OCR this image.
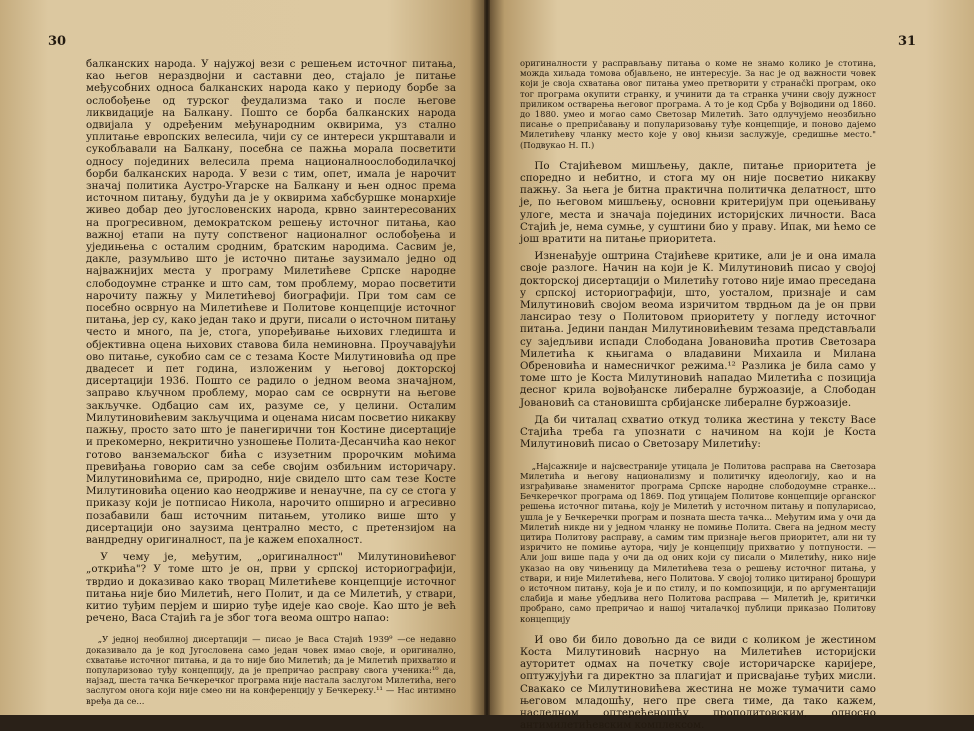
30

балканских народа. У најужој вези с решењем источног питања, као његов нераздвојни и саставни део, стајало је питање међусобних односа балканских народа како у периоду борбе за ослобођење од турског феудализма тако и после његове ликвидације на Балкану. Пошто се борба балканских народа одвијала у одређеним међународним оквирима, уз стално уплитање европских велесила, чији су се интереси укрштавали и сукобљавали на Балкану, посебна се пажња морала посветити односу појединих велесила према националноослободилачкој борби балканских народа. У вези с тим, опет, имала је нарочит значај политика Аустро-Угарске на Балкану и њен однос према источном питању, будући да је у оквирима хабсбуршке монархије живео добар део југословенских народа, крвно заинтересованих на прогресивном, демократском решењу источног питања, као важној етапи на путу сопственог националног ослобођења и уједињења с осталим сродним, братским народима. Сасвим је, дакле, разумљиво што је источно питање заузимало једно од најважнијих места у програму Милетићеве Српске народне слободоумне странке и што сам, том проблему, морао посветити нарочиту пажњу у Милетићевој биографији. При том сам се посебно осврнуо на Милетићеве и Политове концепције источног питања, јер су, како један тако и други, писали о источном питању често и много, па је, стога, упоређивање њихових гледишта и објективна оцена њихових ставова била неминовна. Проучавајући ово питање, сукобио сам се с тезама Косте Милутиновића од пре двадесет и пет година, изложеним у његовој докторској дисертацији 1936. Пошто се радило о једном веома значајном, заправо кључном проблему, морао сам се осврнути на његове закључке. Одбацио сам их, разуме се, у целини. Осталим Милутиновићевим закључцима и оценама нисам посветио никакву пажњу, просто зато што је панегирични тон Костине дисертације и прекомерно, некритично узношење Полита-Десанчића као неког готово ванземаљског бића с изузетним пророчким моћима превиђања говорио сам за себе својим озбиљним историчару. Милутиновићима се, природно, није свидело што сам тезе Косте Милутиновића оценио као неодрживе и ненаучне, па су се стога у приказу који је потписао Никола, нарочито опширно и агресивно позабавили баш источним питањем, утолико више што у дисертацији оно заузима централно место, с претензијом на вандредну оригиналност, па је кажем епохалност.

У чему је, међутим, „оригиналност" Милутиновићевог „открића"? У томе што је он, први у српској историографији, тврдио и доказивао како творац Милетићеве концепције источног питања није био Милетић, него Полит, и да се Милетић, у ствари, китио туђим перјем и ширио туђе идеје као своје. Као што је већ речено, Васа Стајић га је због тога веома оштро напао:

„У једној необилној дисертацији — писао је Васа Стајић 1939⁹ —се недавно доказивало да је код Југословена само један човек имао своје, и оригинално, схватање источног питања, и да то није био Милетић; да је Милетић прихватио и популаризовао туђу концепцију, да је препричао расправу свога ученика:¹⁰ да, најзад, шеста тачка Бечкеречког програма није настала заслугом Милетића, него заслугом онога који није смео ни на конференцију у Бечкереку.¹¹ — Нас интимно вређа да се...
31
оригиналности у расправљању питања о коме не знамо колико је стотина, можда хиљада томова објављено, не интересује. За нас је од важности човек који је своја схватања овог питања умео претворити у странački програм, око тог програма окупити странку, и учинити да та странка учини своју дужност приликом остварења његовог програма. А то је код Срба у Војводини од 1860. до 1880. умео и могао само Светозар Милетић. Зато одлучујемо неозбиљно писање о преприčавању и популаризовању туђе концепције, и поново дајемо Милетићеву чланку место које у овој књизи заслужује, средишње место." (Подвукао Н. П.)

По Стајићевом мишљењу, дакле, питање приоритета је споредно и небитно, и стога му он није посветио никакву пажњу. За њега је битна практична политичка делатност, што је, по његовом мишљењу, основни критеријум при оцењивању улоге, места и значаја појединих историјских личности. Васа Стајић је, нема сумње, у суштини био у праву. Ипак, ми ћемо се још вратити на питање приоритета.

Изненађује оштрина Стајићеве критике, али је и она имала своје разлоге. Начин на који је К. Милутиновић писао у својој докторској дисертацији о Милетићу готово није имао преседана у српској историографији, што, уосталом, признаје и сам Милутиновић својом веома изричитом тврдњом да је он први лансирао тезу о Политовом приоритету у погледу источног питања. Једини пандан Милутиновићевим тезама представљали су заједљиви испади Слободана Јовановића против Светозара Милетића к књигама о владавини Михаила и Милана Обреновића и намесничког режима.¹² Разлика је била само у томе што је Коста Милутиновић нападао Милетића с позиција десног крила војвођанске либералне буржоазије, а Слободан Јовановић са становишта србијанске либералне буржоазије.

Да би читалац схватио откуд толика жестина у тексту Васе Стајића треба га упознати с начином на који је Коста Милутиновић писао о Светозару Милетићу:

„Најсажније и најсвестраније утицала је Политова расправа на Светозара Милетића и његову национализму и политичку идеологију, као и на изграђивање знаменитог програма Српске народне слободоумне странке... Бечкеречког програма од 1869. Под утицајем Политове концепције органског решења источног питања, коју је Милетић у источном питању и популарисао, ушла је у Бечкеречки програм и позната шеста тачка... Међутим има у очи да Милетић никде ни у једном чланку не помиње Полита. Свега на једном месту цитира Политову расправу, а самим тим признаје његов приоритет, али ни ту изричито не помиње аутора, чију је концепцију прихватио у потпуности. — Али још више пада у очи да од оних који су писали о Милетићу, нико није указао на ову чињеницу да Милетићева теза о решењу источног питања, у ствари, и није Милетићева, него Политова. У својој толико цитираној брошури о источном питању, која је и по стилу, и по композицији, и по аргументацији слабија и мање убедљива него Политова расправа — Милетић је, критички пробрано, само препричао и нашој читалачкој публици приказао Политову концепцију

И ово би било довољно да се види с коликом је жестином Коста Милутиновић насрнуо на Милетићев историјски ауторитет одмах на почетку своје историчарске каријере, оптужујући га директно за плагијат и присвајање туђих мисли. Свакако се Милутиновићева жестина не може тумачити само његовом младошћу, него пре свега тиме, да тако кажем, наследном оптерећеношћу прополитовским, односно антимилетићевским комплексом.
